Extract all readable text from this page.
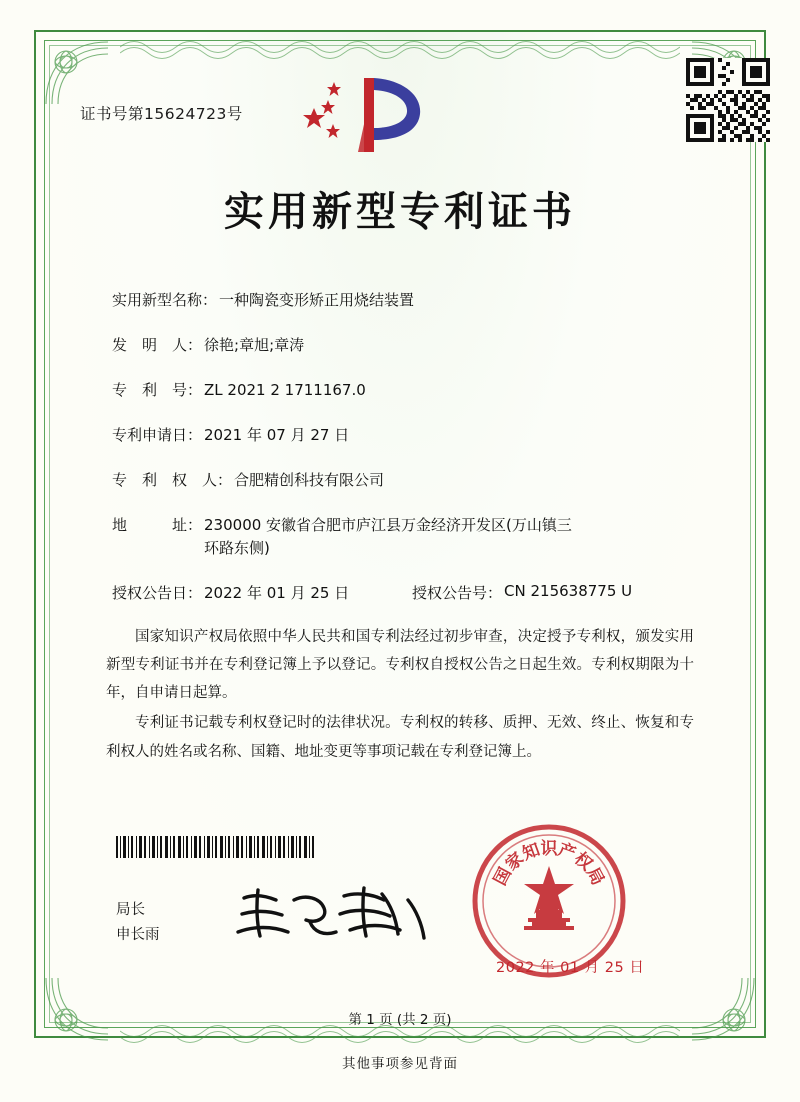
证书号第15624723号
实用新型专利证书
实用新型名称： 一种陶瓷变形矫正用烧结装置
发　明　人： 徐艳;章旭;章涛
专　利　号： ZL 2021 2 1711167.0
专利申请日： 2021 年 07 月 27 日
专　利　权　人： 合肥精创科技有限公司
地　　　址： 230000 安徽省合肥市庐江县万金经济开发区(万山镇三
环路东侧)
授权公告日： 2022 年 01 月 25 日	授权公告号： CN 215638775 U

国家知识产权局依照中华人民共和国专利法经过初步审查，决定授予专利权，颁发实用新型专利证书并在专利登记簿上予以登记。专利权自授权公告之日起生效。专利权期限为十年，自申请日起算。

专利证书记载专利权登记时的法律状况。专利权的转移、质押、无效、终止、恢复和专利权人的姓名或名称、国籍、地址变更等事项记载在专利登记簿上。

局长
申长雨
国
家
知
识
产
权
局
2022 年 01 月 25 日
第 1 页 (共 2 页)
其他事项参见背面
